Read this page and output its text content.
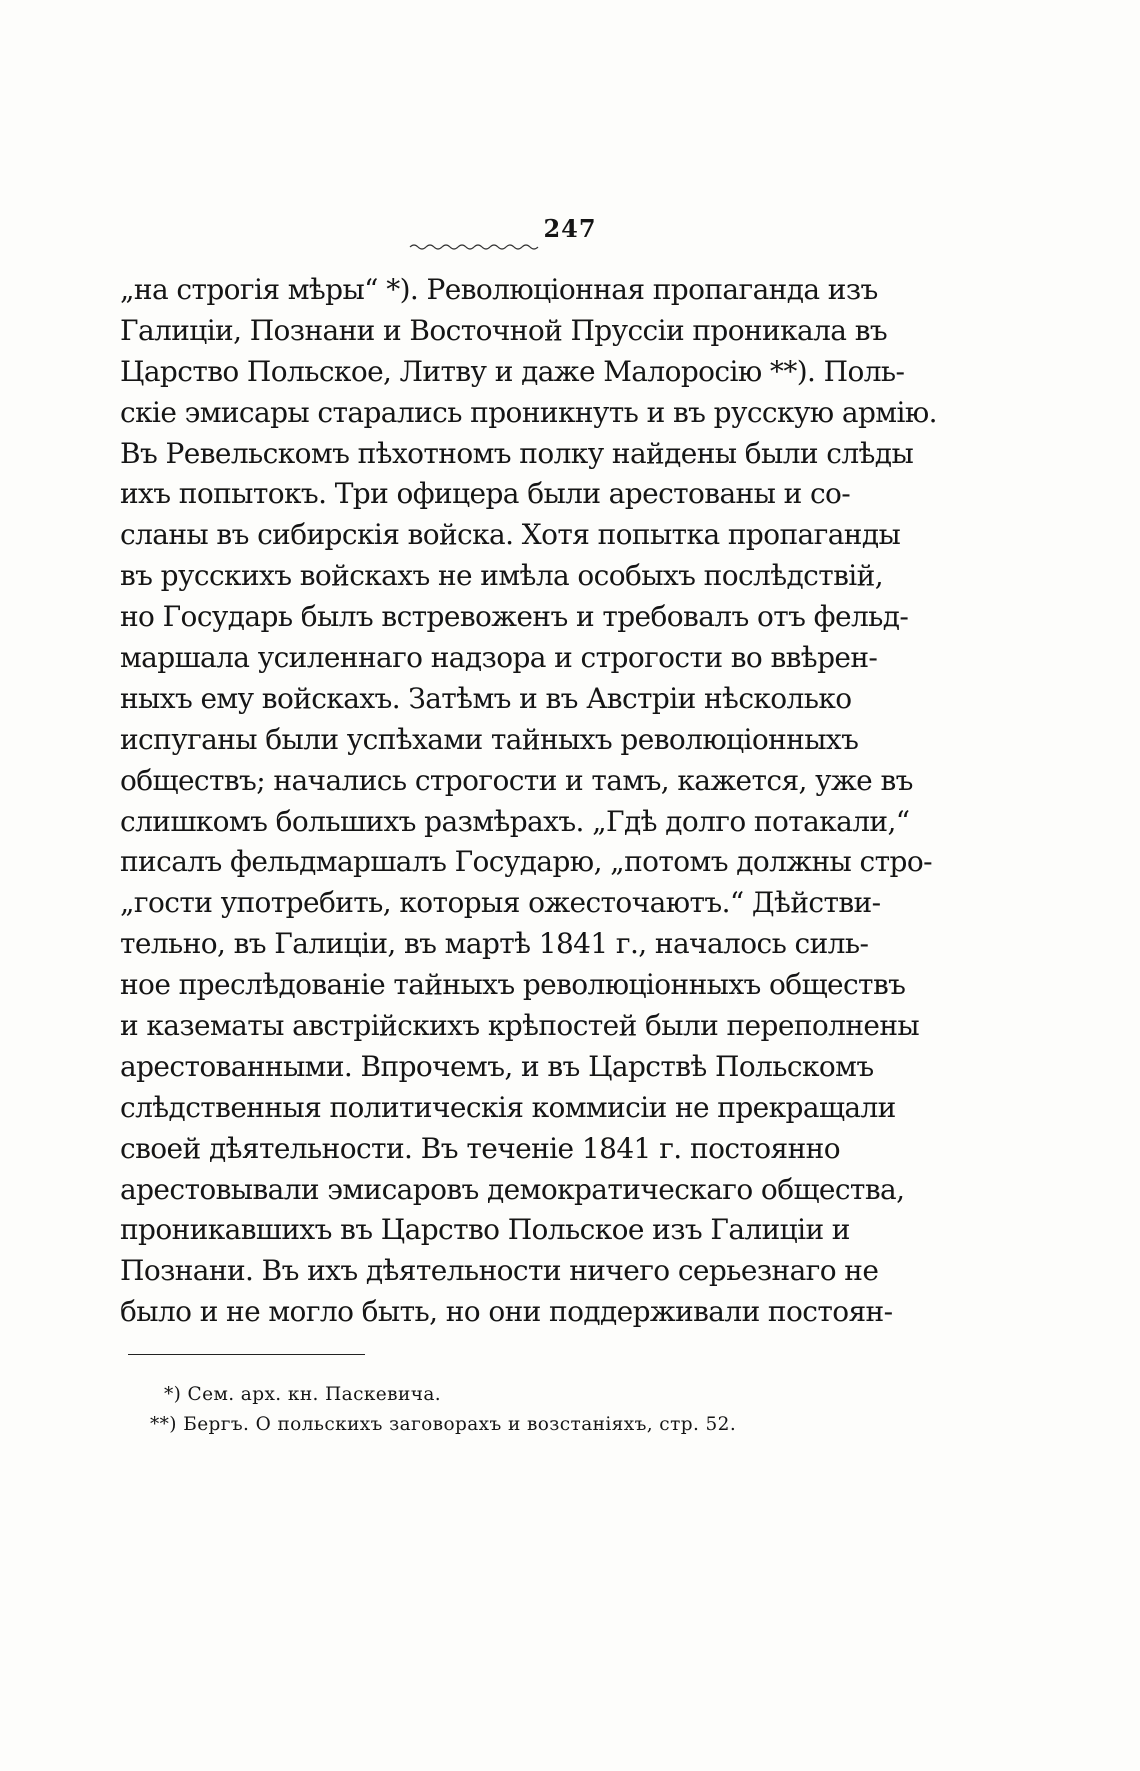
247
„на строгія мѣры“ *). Революціонная пропаганда изъ
Галиціи, Познани и Восточной Пруссіи проникала въ
Царство Польское, Литву и даже Малоросію **). Поль-
скіе эмисары старались проникнуть и въ русскую армію.
Въ Ревельскомъ пѣхотномъ полку найдены были слѣды
ихъ попытокъ. Три офицера были арестованы и со-
сланы въ сибирскія войска. Хотя попытка пропаганды
въ русскихъ войскахъ не имѣла особыхъ послѣдствій,
но Государь былъ встревоженъ и требовалъ отъ фельд-
маршала усиленнаго надзора и строгости во ввѣрен-
ныхъ ему войскахъ. Затѣмъ и въ Австріи нѣсколько
испуганы были успѣхами тайныхъ революціонныхъ
обществъ; начались строгости и тамъ, кажется, уже въ
слишкомъ большихъ размѣрахъ. „Гдѣ долго потакали,“
писалъ фельдмаршалъ Государю, „потомъ должны стро-
„гости употребить, которыя ожесточаютъ.“ Дѣйстви-
тельно, въ Галиціи, въ мартѣ 1841 г., началось силь-
ное преслѣдованіе тайныхъ революціонныхъ обществъ
и казематы австрійскихъ крѣпостей были переполнены
арестованными. Впрочемъ, и въ Царствѣ Польскомъ
слѣдственныя политическія коммисіи не прекращали
своей дѣятельности. Въ теченіе 1841 г. постоянно
арестовывали эмисаровъ демократическаго общества,
проникавшихъ въ Царство Польское изъ Галиціи и
Познани. Въ ихъ дѣятельности ничего серьезнаго не
было и не могло быть, но они поддерживали постоян-
*) Сем. арх. кн. Паскевича.
**) Бергъ. О польскихъ заговорахъ и возстаніяхъ, стр. 52.
